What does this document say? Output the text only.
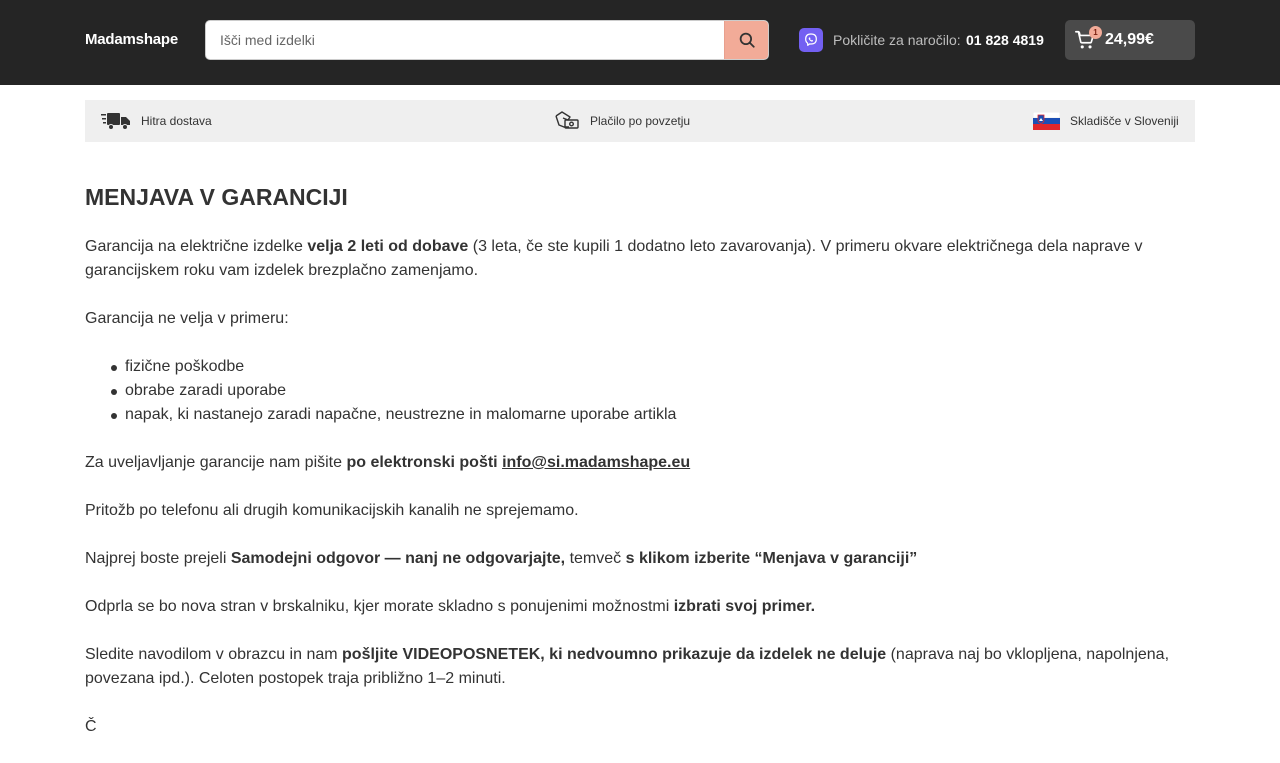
Madamshape
Išči med izdelki	Pokličite za naročilo: 01 828 4819	1 24,99€
Hitra dostava	Plačilo po povzetju	Skladišče v Sloveniji
MENJAVA V GARANCIJI

Garancija na električne izdelke velja 2 leti od dobave (3 leta, če ste kupili 1 dodatno leto zavarovanja). V primeru okvare električnega dela naprave v garancijskem roku vam izdelek brezplačno zamenjamo.

Garancija ne velja v primeru:

fizične poškodbe
obrabe zaradi uporabe
napak, ki nastanejo zaradi napačne, neustrezne in malomarne uporabe artikla

Za uveljavljanje garancije nam pišite po elektronski pošti info@si.madamshape.eu

Pritožb po telefonu ali drugih komunikacijskih kanalih ne sprejemamo.

Najprej boste prejeli Samodejni odgovor — nanj ne odgovarjajte, temveč s klikom izberite “Menjava v garanciji”

Odprla se bo nova stran v brskalniku, kjer morate skladno s ponujenimi možnostmi izbrati svoj primer.

Sledite navodilom v obrazcu in nam pošljite VIDEOPOSNETEK, ki nedvoumno prikazuje da izdelek ne deluje (naprava naj bo vklopljena, napolnjena, povezana ipd.). Celoten postopek traja približno 1–2 minuti.

Č
